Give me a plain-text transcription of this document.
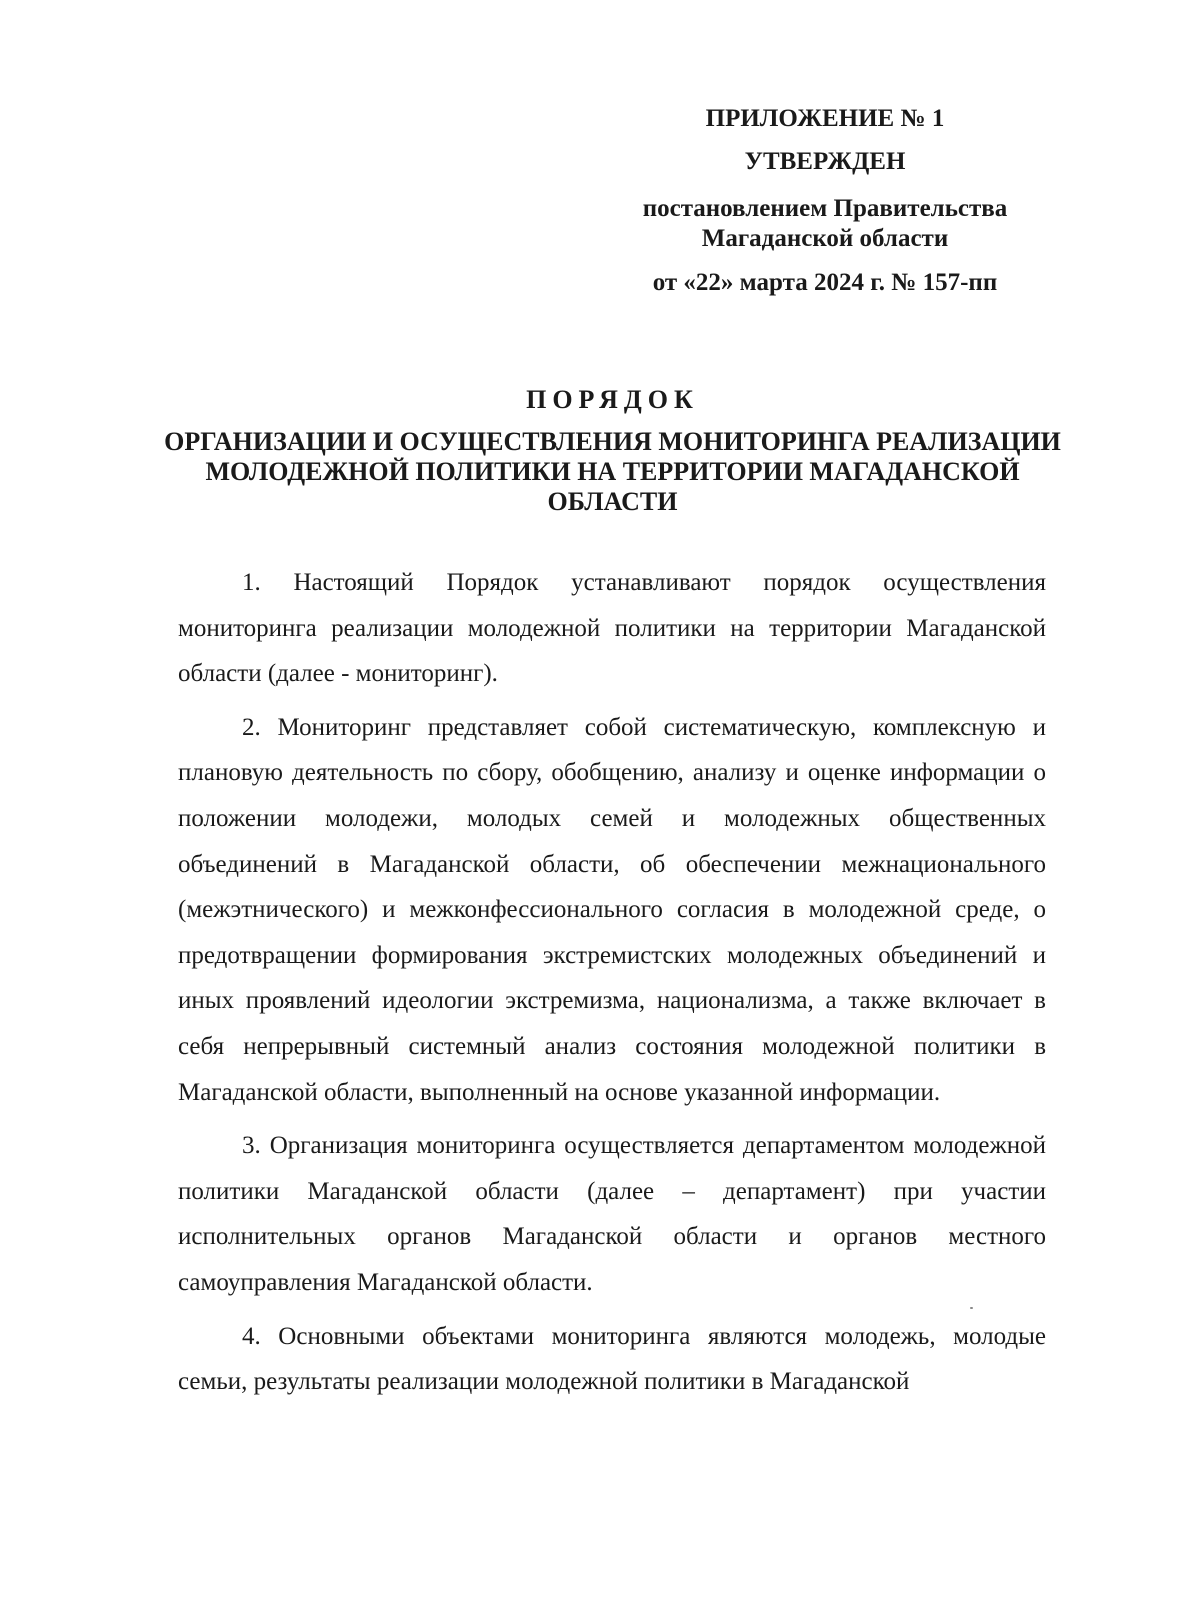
ПРИЛОЖЕНИЕ № 1
УТВЕРЖДЕН
постановлением Правительства
Магаданской области
от «22» марта 2024 г. № 157-пп
ПОРЯДОК
ОРГАНИЗАЦИИ И ОСУЩЕСТВЛЕНИЯ МОНИТОРИНГА РЕАЛИЗАЦИИ МОЛОДЕЖНОЙ ПОЛИТИКИ НА ТЕРРИТОРИИ МАГАДАНСКОЙ ОБЛАСТИ

1. Настоящий Порядок устанавливают порядок осуществления мониторинга реализации молодежной политики на территории Магаданской области (далее - мониторинг).

2. Мониторинг представляет собой систематическую, комплексную и плановую деятельность по сбору, обобщению, анализу и оценке информации о положении молодежи, молодых семей и молодежных общественных объединений в Магаданской области, об обеспечении межнационального (межэтнического) и межконфессионального согласия в молодежной среде, о предотвращении формирования экстремистских молодежных объединений и иных проявлений идеологии экстремизма, национализма, а также включает в себя непрерывный системный анализ состояния молодежной политики в Магаданской области, выполненный на основе указанной информации.

3. Организация мониторинга осуществляется департаментом молодежной политики Магаданской области (далее – департамент) при участии исполнительных органов Магаданской области и органов местного самоуправления Магаданской области.

4. Основными объектами мониторинга являются молодежь, молодые семьи, результаты реализации молодежной политики в Магаданской
